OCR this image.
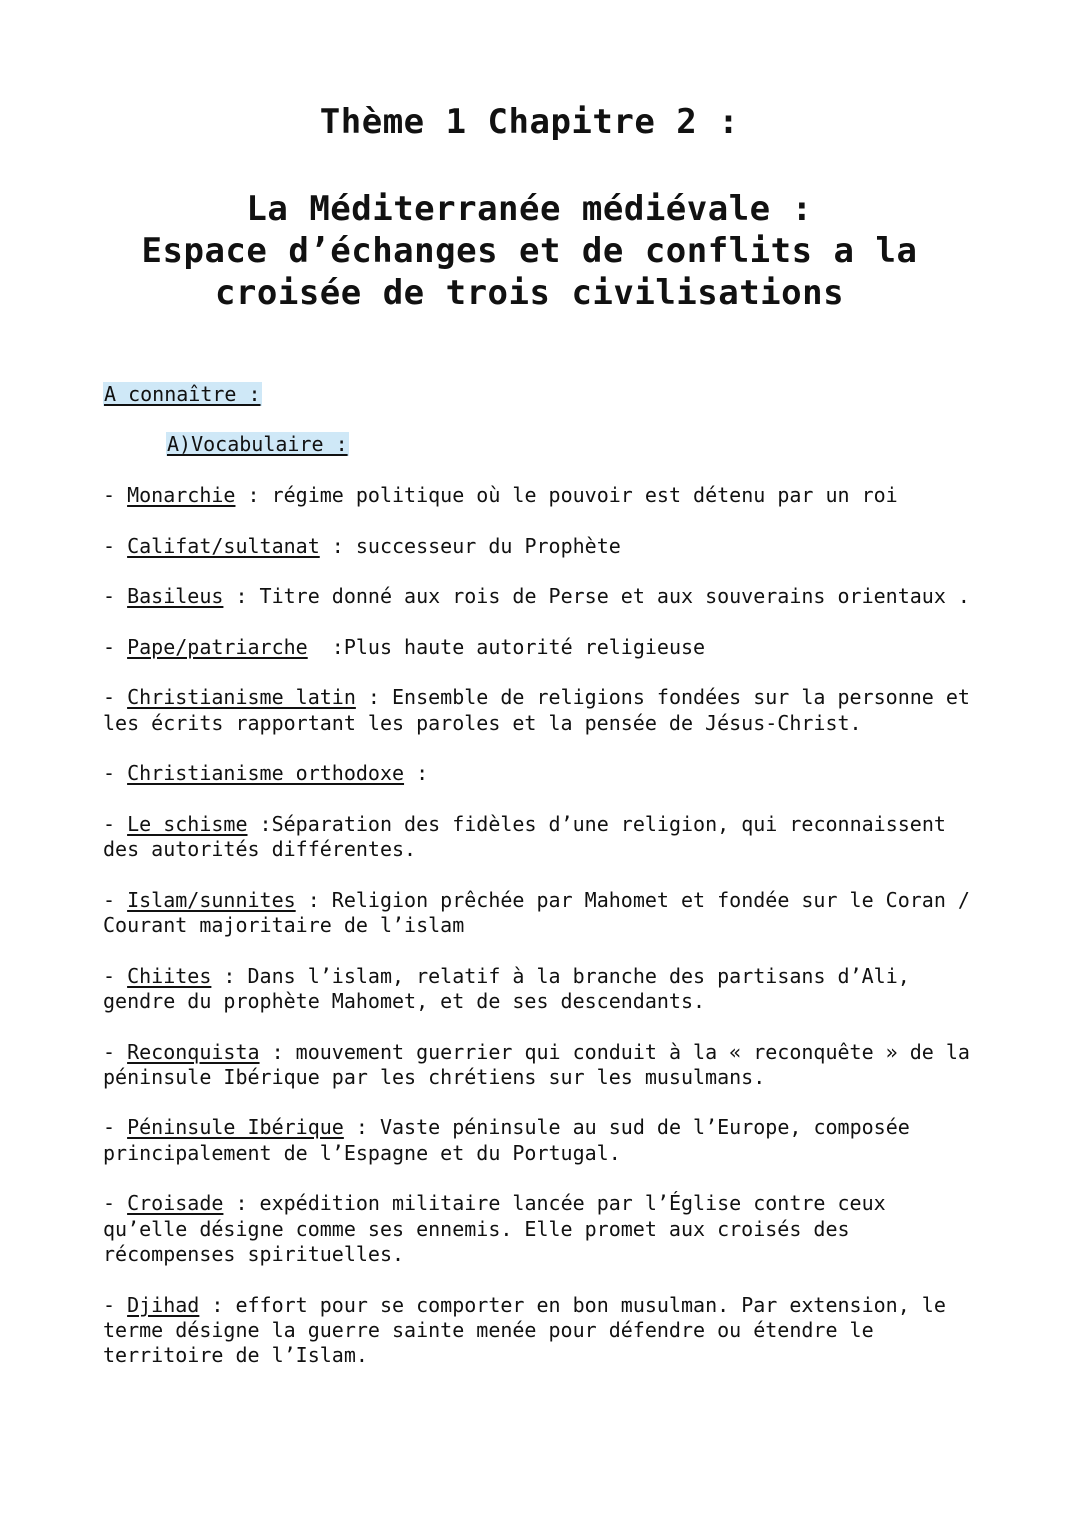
Thème 1 Chapitre 2 :
La Méditerranée médiévale :
Espace d’échanges et de conflits a la
croisée de trois civilisations
A connaître :
A)Vocabulaire :
- Monarchie : régime politique où le pouvoir est détenu par un roi
- Califat/sultanat : successeur du Prophète
- Basileus : Titre donné aux rois de Perse et aux souverains orientaux .
- Pape/patriarche  :Plus haute autorité religieuse
- Christianisme latin : Ensemble de religions fondées sur la personne et les écrits rapportant les paroles et la pensée de Jésus-Christ.
- Christianisme orthodoxe :
- Le schisme :Séparation des fidèles d’une religion, qui reconnaissent des autorités différentes.
- Islam/sunnites : Religion prêchée par Mahomet et fondée sur le Coran / Courant majoritaire de l’islam
- Chiites : Dans l’islam, relatif à la branche des partisans d’Ali, gendre du prophète Mahomet, et de ses descendants.
- Reconquista : mouvement guerrier qui conduit à la « reconquête » de la péninsule Ibérique par les chrétiens sur les musulmans.
- Péninsule Ibérique : Vaste péninsule au sud de l’Europe, composée principalement de l’Espagne et du Portugal.
- Croisade : expédition militaire lancée par l’Église contre ceux qu’elle désigne comme ses ennemis. Elle promet aux croisés des récompenses spirituelles.
- Djihad : effort pour se comporter en bon musulman. Par extension, le terme désigne la guerre sainte menée pour défendre ou étendre le territoire de l’Islam.
